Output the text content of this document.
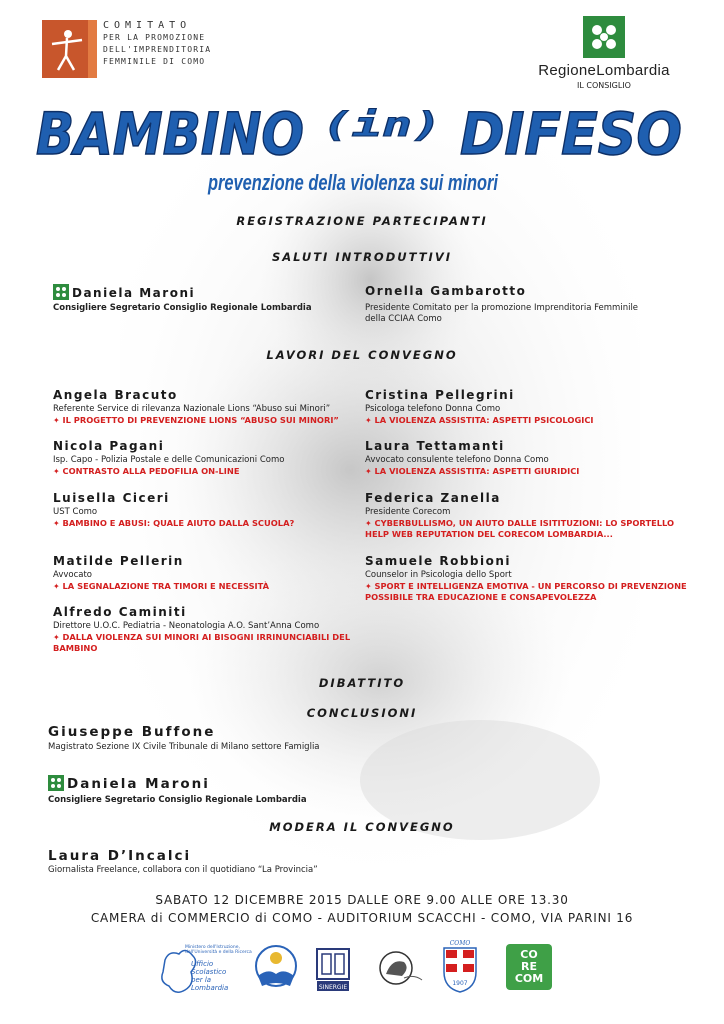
COMITATO
PER LA PROMOZIONE
DELL'IMPRENDITORIA
FEMMINILE DI COMO
RegioneLombardia
IL CONSIGLIO
BAMBINO (in) DIFESO
prevenzione della violenza sui minori
REGISTRAZIONE PARTECIPANTI
SALUTI INTRODUTTIVI
Daniela Maroni
Consigliere Segretario Consiglio Regionale Lombardia
Ornella Gambarotto
Presidente Comitato per la promozione Imprenditoria Femminile
della CCIAA Como
LAVORI DEL CONVEGNO
Angela Bracuto
Referente Service di rilevanza Nazionale Lions “Abuso sui Minori”
✦ IL PROGETTO DI PREVENZIONE LIONS “ABUSO SUI MINORI”
Nicola Pagani
Isp. Capo - Polizia Postale e delle Comunicazioni Como
✦ CONTRASTO ALLA PEDOFILIA ON-LINE
Luisella Ciceri
UST Como
✦ BAMBINO E ABUSI: QUALE AIUTO DALLA SCUOLA?
Matilde Pellerin
Avvocato
✦ LA SEGNALAZIONE TRA TIMORI E NECESSITÀ
Alfredo Caminiti
Direttore U.O.C. Pediatria - Neonatologia A.O. Sant’Anna Como
✦ DALLA VIOLENZA SUI MINORI AI BISOGNI IRRINUNCIABILI DEL
BAMBINO
Cristina Pellegrini
Psicologa telefono Donna Como
✦ LA VIOLENZA ASSISTITA: ASPETTI PSICOLOGICI
Laura Tettamanti
Avvocato consulente telefono Donna Como
✦ LA VIOLENZA ASSISTITA: ASPETTI GIURIDICI
Federica Zanella
Presidente Corecom
✦ CYBERBULLISMO, UN AIUTO DALLE ISITITUZIONI: LO SPORTELLO
HELP WEB REPUTATION DEL CORECOM LOMBARDIA...
Samuele Robbioni
Counselor in Psicologia dello Sport
✦ SPORT E INTELLIGENZA EMOTIVA - UN PERCORSO DI PREVENZIONE
POSSIBILE TRA EDUCAZIONE E CONSAPEVOLEZZA
DIBATTITO
CONCLUSIONI
Giuseppe Buffone
Magistrato Sezione IX Civile Tribunale di Milano settore Famiglia
Daniela Maroni
Consigliere Segretario Consiglio Regionale Lombardia
MODERA IL CONVEGNO
Laura D’Incalci
Giornalista Freelance, collabora con il quotidiano “La Provincia”
SABATO 12 DICEMBRE 2015 DALLE ORE 9.00 ALLE ORE 13.30
CAMERA di COMMERCIO di COMO - AUDITORIUM SCACCHI - COMO, VIA PARINI 16
Ministero dell'Istruzione,
dell'Università e della Ricerca
Ufficio
Scolastico
per la
Lombardia	SINERGIE
COMO
1907
CO
RE
COM
